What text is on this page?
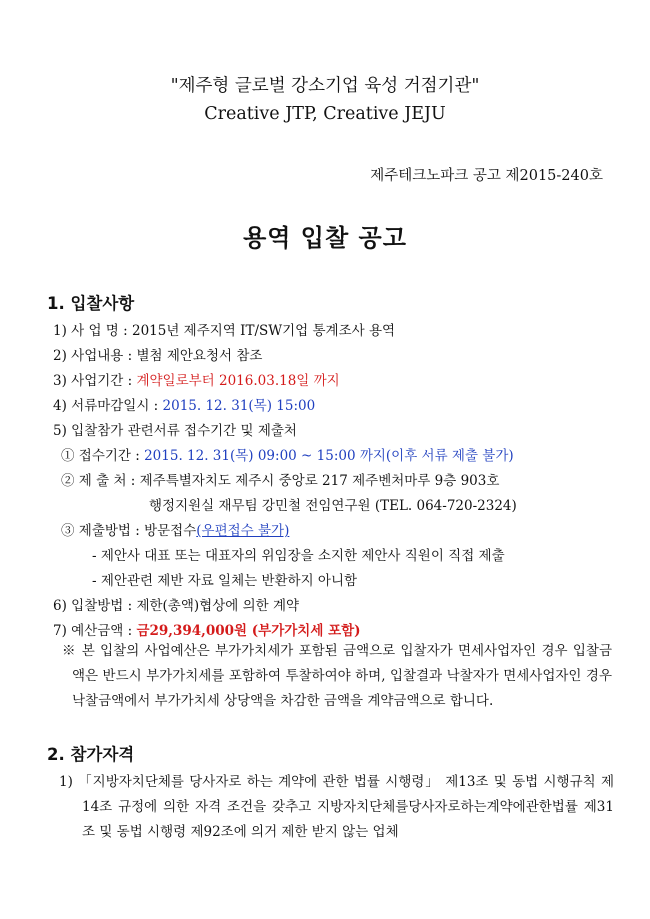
"제주형 글로벌 강소기업 육성 거점기관"
Creative JTP, Creative JEJU
제주테크노파크 공고 제2015-240호
용역 입찰 공고
1. 입찰사항
1) 사 업 명 : 2015년 제주지역 IT/SW기업 통계조사 용역
2) 사업내용 : 별첨 제안요청서 참조
3) 사업기간 : 계약일로부터 2016.03.18일 까지
4) 서류마감일시 : 2015. 12. 31(목) 15:00
5) 입찰참가 관련서류 접수기간 및 제출처
① 접수기간 : 2015. 12. 31(목) 09:00 ~ 15:00 까지(이후 서류 제출 불가)
② 제 출 처 : 제주특별자치도 제주시 중앙로 217 제주벤처마루 9층 903호
행정지원실 재무팀 강민철 전임연구원 (TEL. 064-720-2324)
③ 제출방법 : 방문접수(우편접수 불가)
- 제안사 대표 또는 대표자의 위임장을 소지한 제안사 직원이 직접 제출
- 제안관련 제반 자료 일체는 반환하지 아니함
6) 입찰방법 : 제한(총액)협상에 의한 계약
7) 예산금액 : 금29,394,000원 (부가가치세 포함)
※ 본 입찰의 사업예산은 부가가치세가 포함된 금액으로 입찰자가 면세사업자인 경우 입찰금액은 반드시 부가가치세를 포함하여 투찰하여야 하며, 입찰결과 낙찰자가 면세사업자인 경우 낙찰금액에서 부가가치세 상당액을 차감한 금액을 계약금액으로 합니다.
2. 참가자격
1) 「지방자치단체를 당사자로 하는 계약에 관한 법률 시행령」 제13조 및 동법 시행규칙 제14조 규정에 의한 자격 조건을 갖추고 지방자치단체를당사자로하는계약에관한법률 제31조 및 동법 시행령 제92조에 의거 제한 받지 않는 업체
